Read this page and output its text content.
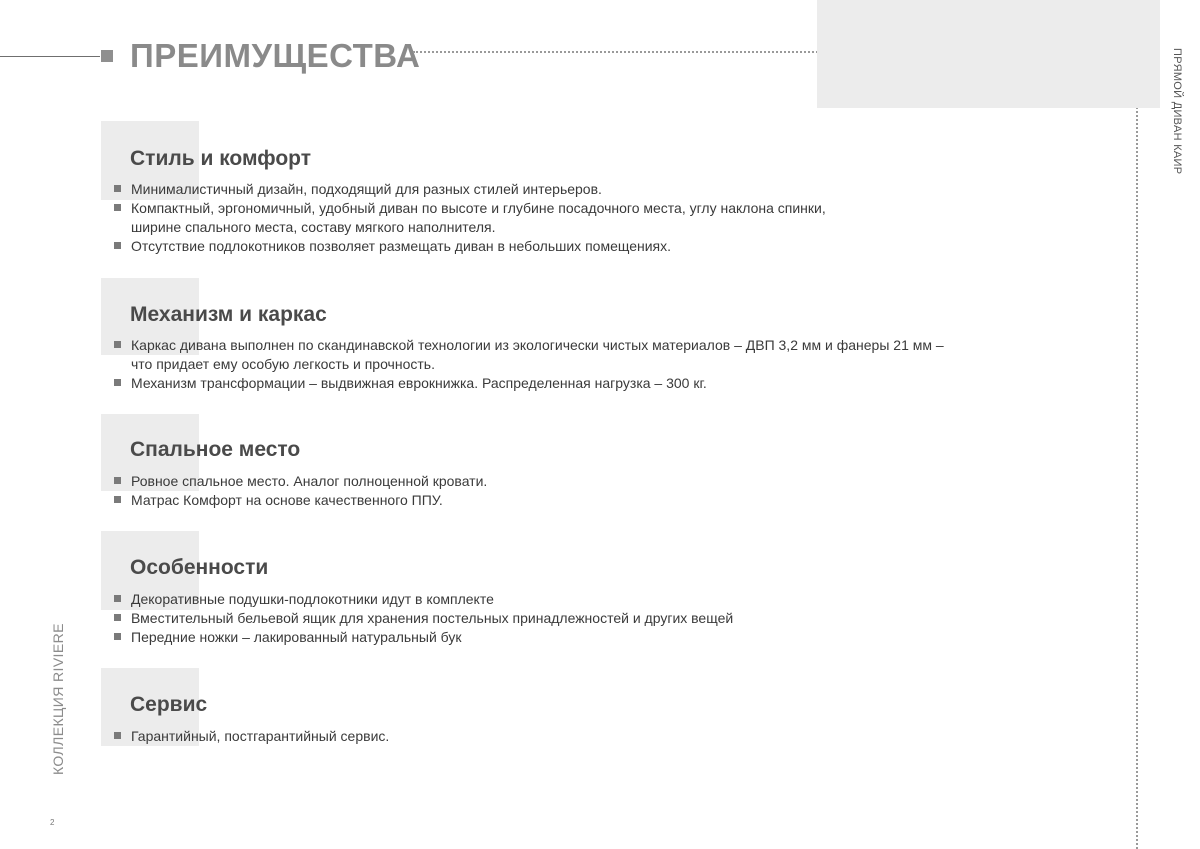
ПРЕИМУЩЕСТВА	ПРЯМОЙ ДИВАН КАИР
КОЛЛЕКЦИЯ RIVIERE
2
Стиль и комфорт
Минималистичный дизайн, подходящий для разных стилей интерьеров.
Компактный, эргономичный, удобный диван по высоте и глубине посадочного места, углу наклона спинки,
ширине спального места, составу мягкого наполнителя.
Отсутствие подлокотников позволяет размещать диван в небольших помещениях.
Механизм и каркас
Каркас дивана выполнен по скандинавской технологии из экологически чистых материалов – ДВП 3,2 мм и фанеры 21 мм –
что придает ему особую легкость и прочность.
Механизм трансформации – выдвижная еврокнижка. Распределенная нагрузка – 300 кг.
Спальное место
Ровное спальное место. Аналог полноценной кровати.
Матрас Комфорт на основе качественного ППУ.
Особенности
Декоративные подушки-подлокотники идут в комплекте
Вместительный бельевой ящик для хранения постельных принадлежностей и других вещей
Передние ножки – лакированный натуральный бук
Сервис
Гарантийный, постгарантийный сервис.
